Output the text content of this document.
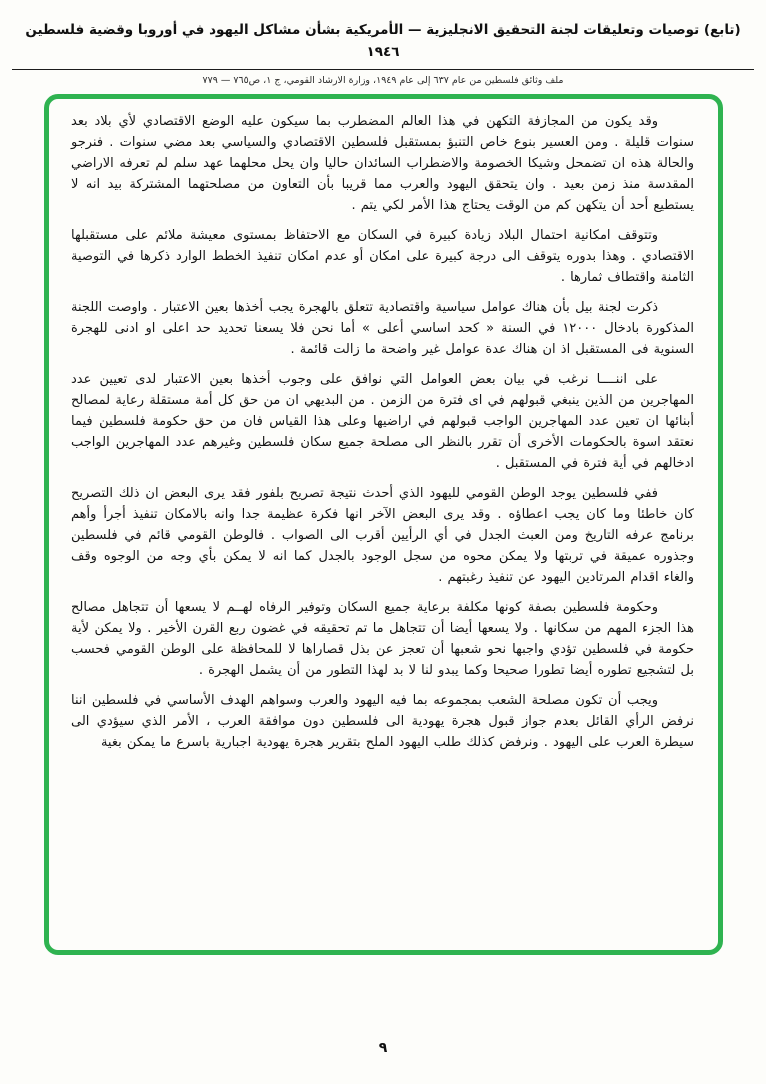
(تابع) توصيات وتعليقات لجنة التحقيق الانجليزية — الأمريكية بشأن مشاكل اليهود في أوروبا وقضية فلسطين ١٩٤٦
ملف وثائق فلسطين من عام ٦٣٧ إلى عام ١٩٤٩، وزارة الارشاد القومي، ج ١، ص٧٦٥ — ٧٧٩

وقد يكون من المجازفة التكهن في هذا العالم المضطرب بما سيكون عليه الوضع الاقتصادي لأي بلاد بعد سنوات قليلة . ومن العسير بنوع خاص التنبؤ بمستقبل فلسطين الاقتصادي والسياسي بعد مضي سنوات . فنرجو والحالة هذه ان تضمحل وشيكا الخصومة والاضطراب السائدان حاليا وان يحل محلهما عهد سلم لم تعرفه الاراضي المقدسة منذ زمن بعيد . وان يتحقق اليهود والعرب مما قريبا بأن التعاون من مصلحتهما المشتركة بيد انه لا يستطيع أحد أن يتكهن كم من الوقت يحتاج هذا الأمر لكي يتم .

وتتوقف امكانية احتمال البلاد زيادة كبيرة في السكان مع الاحتفاظ بمستوى معيشة ملائم على مستقبلها الاقتصادي . وهذا بدوره يتوقف الى درجة كبيرة على امكان أو عدم امكان تنفيذ الخطط الوارد ذكرها في التوصية الثامنة واقتطاف ثمارها .

ذكرت لجنة بيل بأن هناك عوامل سياسية واقتصادية تتعلق بالهجرة يجب أخذها بعين الاعتبار . واوصت اللجنة المذكورة بادخال ١٢٠٠٠ في السنة « كحد اساسي أعلى » أما نحن فلا يسعنا تحديد حد اعلى او ادنى للهجرة السنوية فى المستقبل اذ ان هناك عدة عوامل غير واضحة ما زالت قائمة .

على اننــــا نرغب في بيان بعض العوامل التي نوافق على وجوب أخذها بعين الاعتبار لدى تعيين عدد المهاجرين من الذين ينبغي قبولهم في اى فترة من الزمن . من البديهي ان من حق كل أمة مستقلة رعاية لمصالح أبنائها ان تعين عدد المهاجرين الواجب قبولهم في اراضيها وعلى هذا القياس فان من حق حكومة فلسطين فيما نعتقد اسوة بالحكومات الأخرى أن تقرر بالنظر الى مصلحة جميع سكان فلسطين وغيرهم عدد المهاجرين الواجب ادخالهم في أية فترة في المستقبل .

ففي فلسطين يوجد الوطن القومي لليهود الذي أحدث نتيجة تصريح بلفور فقد يرى البعض ان ذلك التصريح كان خاطئا وما كان يجب اعطاؤه . وقد يرى البعض الآخر انها فكرة عظيمة جدا وانه بالامكان تنفيذ أجرأ وأهم برنامج عرفه التاريخ ومن العبث الجدل في أي الرأيين أقرب الى الصواب . فالوطن القومي قائم في فلسطين وجذوره عميقة في تربتها ولا يمكن محوه من سجل الوجود بالجدل كما انه لا يمكن بأي وجه من الوجوه وقف والغاء اقدام المرتادين اليهود عن تنفيذ رغبتهم .

وحكومة فلسطين بصفة كونها مكلفة برعاية جميع السكان وتوفير الرفاه لهــم لا يسعها أن تتجاهل مصالح هذا الجزء المهم من سكانها . ولا يسعها أيضا أن تتجاهل ما تم تحقيقه في غضون ربع القرن الأخير . ولا يمكن لأية حكومة في فلسطين تؤدي واجبها نحو شعبها أن تعجز عن بذل قصاراها لا للمحافظة على الوطن القومي فحسب بل لتشجيع تطوره أيضا تطورا صحيحا وكما يبدو لنا لا بد لهذا التطور من أن يشمل الهجرة .

ويجب أن تكون مصلحة الشعب بمجموعه بما فيه اليهود والعرب وسواهم الهدف الأساسي في فلسطين اننا نرفض الرأي القائل بعدم جواز قبول هجرة يهودية الى فلسطين دون موافقة العرب ، الأمر الذي سيؤدي الى سيطرة العرب على اليهود . ونرفض كذلك طلب اليهود الملح بتقرير هجرة يهودية اجبارية باسرع ما يمكن بغية

٩
